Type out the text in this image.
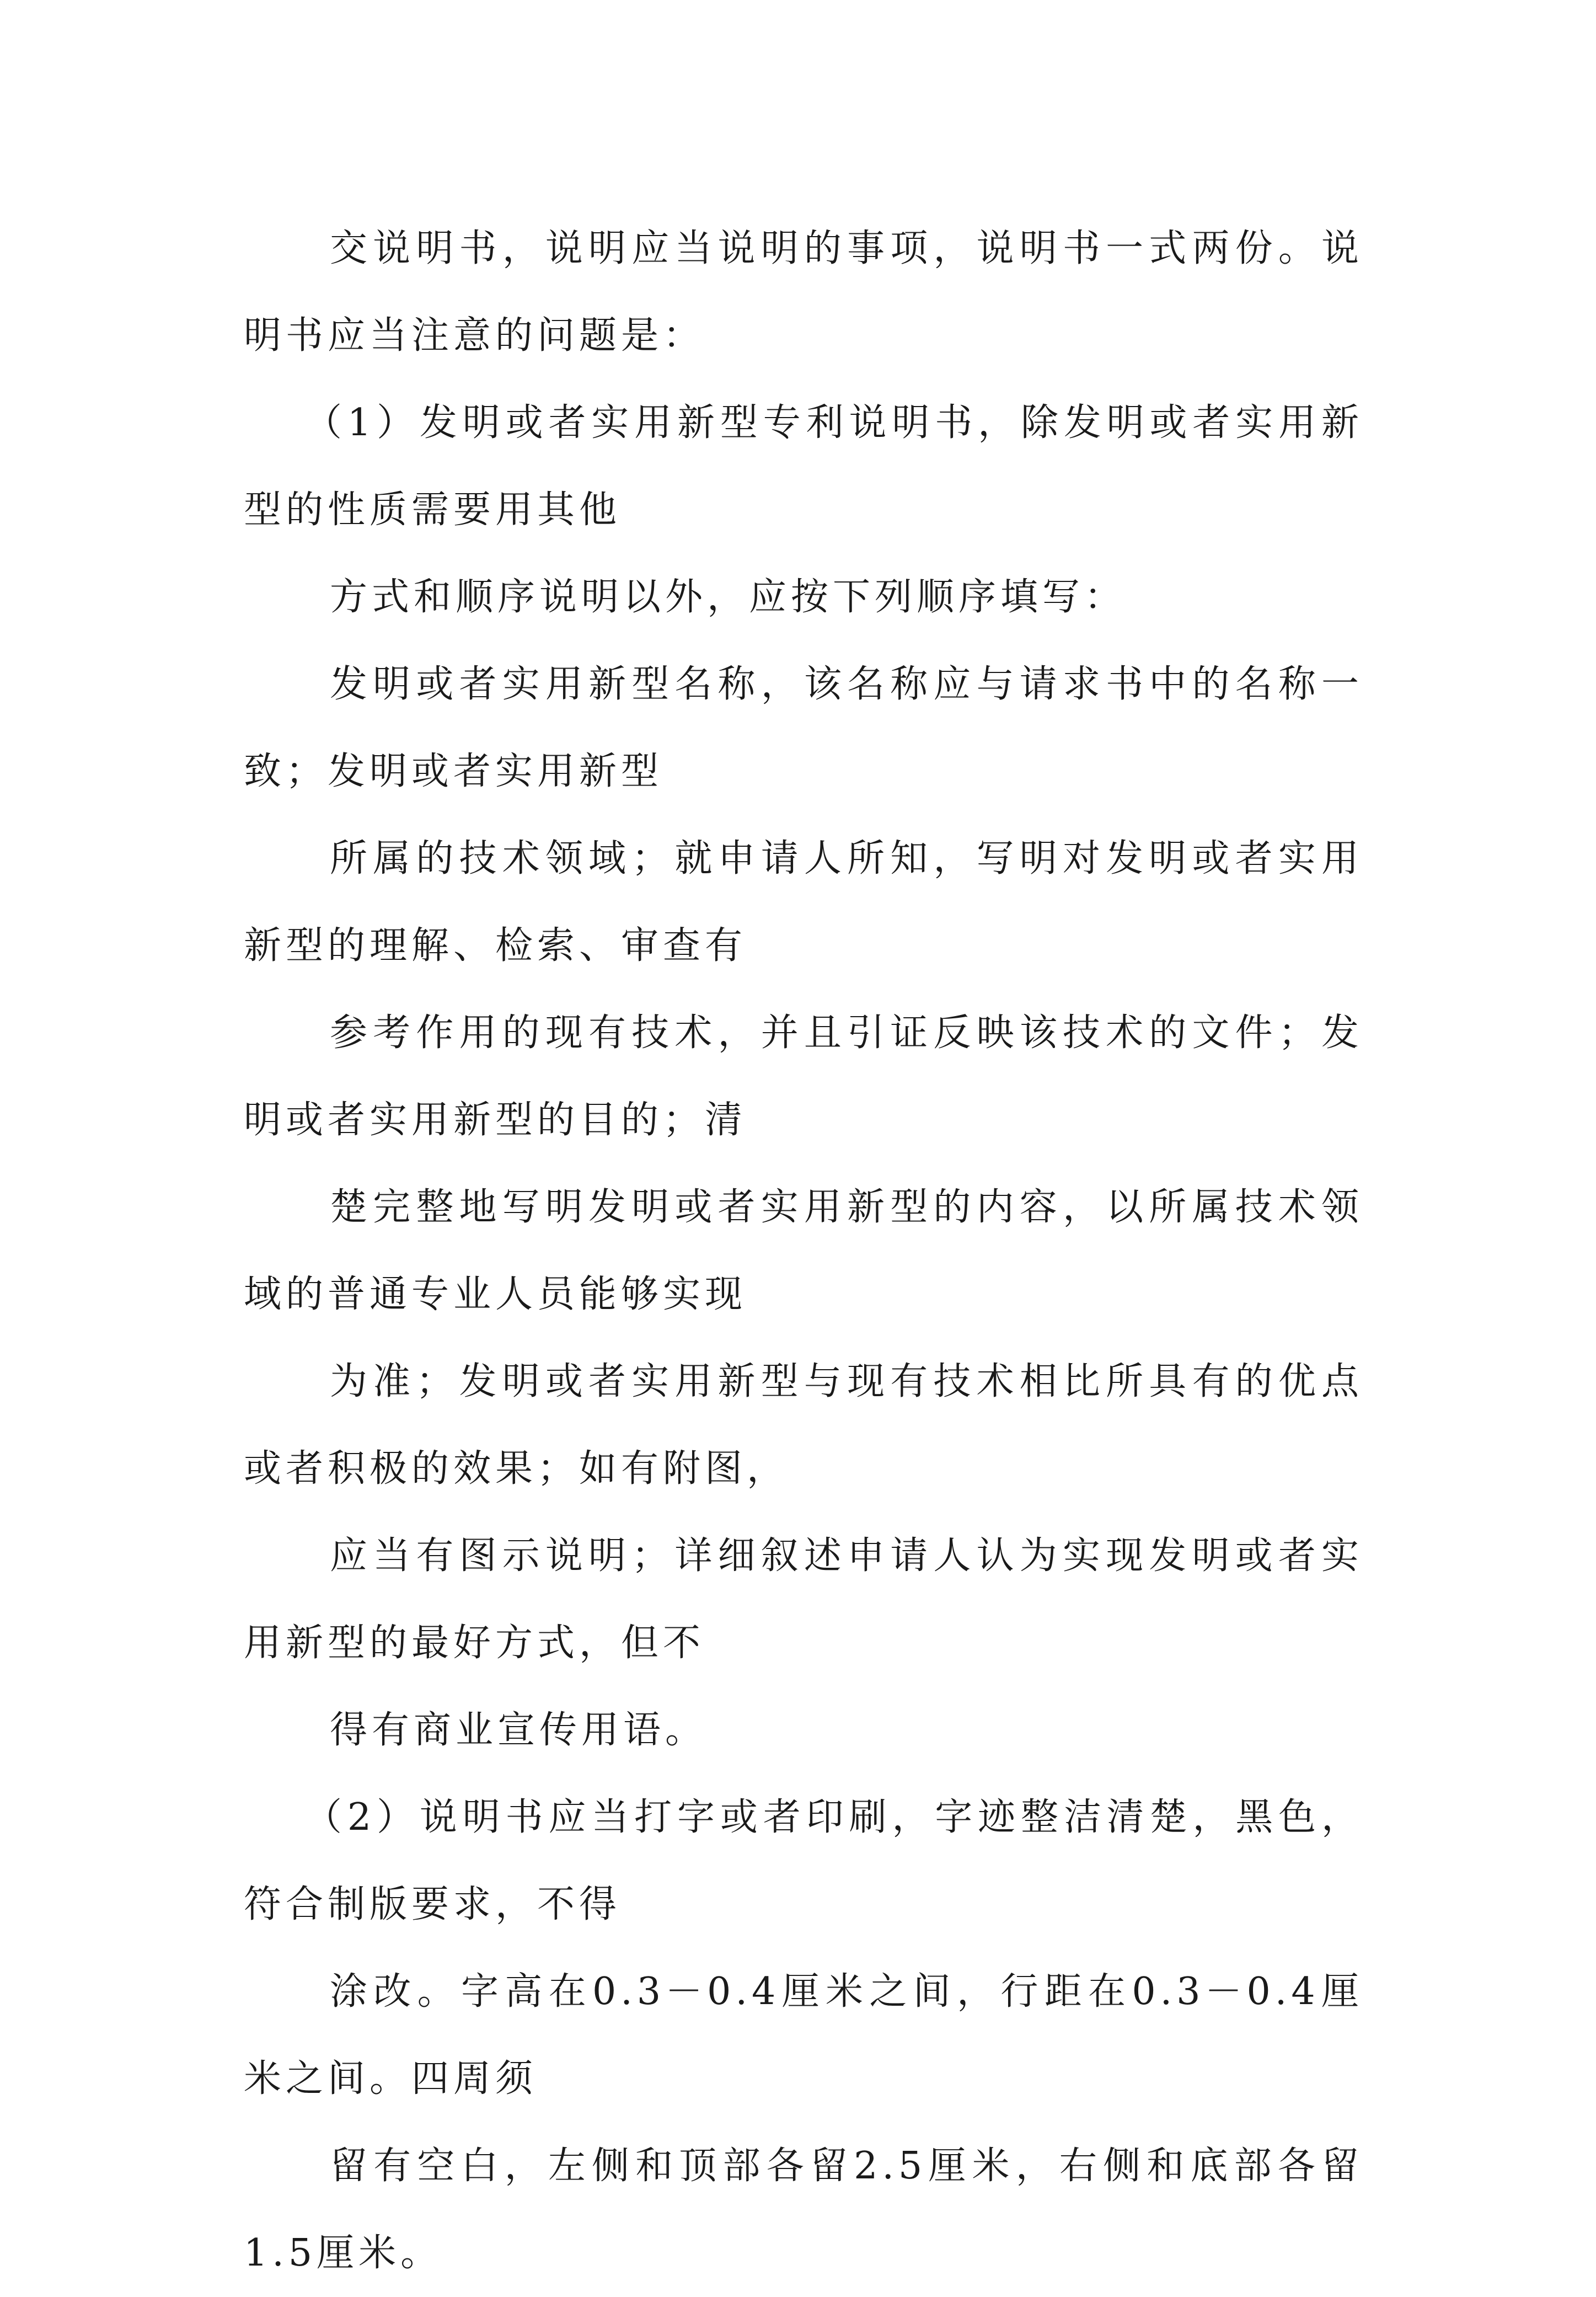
交说明书，说明应当说明的事项，说明书一式两份。说明书应当注意的问题是：

（1）发明或者实用新型专利说明书，除发明或者实用新型的性质需要用其他

方式和顺序说明以外，应按下列顺序填写：

发明或者实用新型名称，该名称应与请求书中的名称一致；发明或者实用新型

所属的技术领域；就申请人所知，写明对发明或者实用新型的理解、检索、审查有

参考作用的现有技术，并且引证反映该技术的文件；发明或者实用新型的目的；清

楚完整地写明发明或者实用新型的内容，以所属技术领域的普通专业人员能够实现

为准；发明或者实用新型与现有技术相比所具有的优点或者积极的效果；如有附图，

应当有图示说明；详细叙述申请人认为实现发明或者实用新型的最好方式，但不

得有商业宣传用语。

（2）说明书应当打字或者印刷，字迹整洁清楚，黑色，符合制版要求，不得

涂改。字高在0.3－0.4厘米之间，行距在0.3－0.4厘米之间。四周须

留有空白，左侧和顶部各留2.5厘米，右侧和底部各留1.5厘米。
